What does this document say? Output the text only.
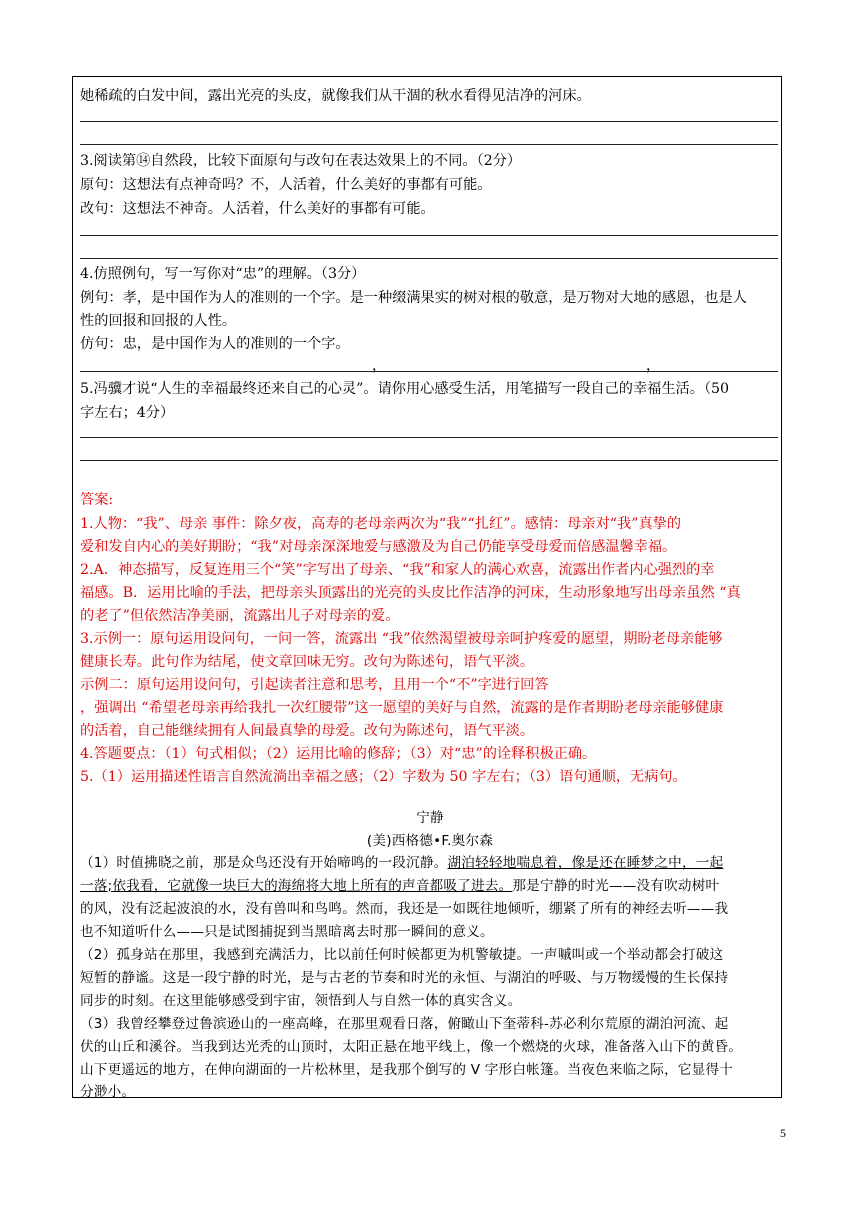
她稀疏的白发中间，露出光亮的头皮，就像我们从干涸的秋水看得见洁净的河床。
3.阅读第⑭自然段，比较下面原句与改句在表达效果上的不同。（2分）
原句：这想法有点神奇吗？不，人活着，什么美好的事都有可能。
改句：这想法不神奇。人活着，什么美好的事都有可能。
4.仿照例句，写一写你对“忠”的理解。（3分）
例句：孝，是中国作为人的准则的一个字。是一种缀满果实的树对根的敬意，是万物对大地的感恩，也是人
性的回报和回报的人性。
仿句：忠，是中国作为人的准则的一个字。
，	，
5.冯骥才说“人生的幸福最终还来自己的心灵”。请你用心感受生活，用笔描写一段自己的幸福生活。（50
字左右；4分）
答案:
1.人物：“我”、母亲 事件：除夕夜，高寿的老母亲两次为“我”“扎红”。感情：母亲对“我”真挚的
爱和发自内心的美好期盼；“我”对母亲深深地爱与感激及为自己仍能享受母爱而倍感温馨幸福。
2.A．神态描写，反复连用三个“笑”字写出了母亲、“我”和家人的满心欢喜，流露出作者内心强烈的幸
福感。B．运用比喻的手法，把母亲头顶露出的光亮的头皮比作洁净的河床，生动形象地写出母亲虽然 “真
的老了”但依然洁净美丽，流露出儿子对母亲的爱。
3.示例一：原句运用设问句，一问一答，流露出 “我”依然渴望被母亲呵护疼爱的愿望，期盼老母亲能够
健康长寿。此句作为结尾，使文章回味无穷。改句为陈述句，语气平淡。
示例二：原句运用设问句，引起读者注意和思考，且用一个“不”字进行回答
，强调出 “希望老母亲再给我扎一次红腰带”这一愿望的美好与自然，流露的是作者期盼老母亲能够健康
的活着，自己能继续拥有人间最真挚的母爱。改句为陈述句，语气平淡。
4.答题要点：（1）句式相似；（2）运用比喻的修辞；（3）对“忠”的诠释积极正确。
5.（1）运用描述性语言自然流淌出幸福之感；（2）字数为 50 字左右；（3）语句通顺，无病句。
宁静
(美)西格德•F.奥尔森
（1）时值拂晓之前，那是众鸟还没有开始啼鸣的一段沉静。湖泊轻轻地喘息着，像是还在睡梦之中，一起
一落;依我看，它就像一块巨大的海绵将大地上所有的声音都吸了进去。那是宁静的时光——没有吹动树叶
的风，没有泛起波浪的水，没有兽叫和鸟鸣。然而，我还是一如既往地倾听，绷紧了所有的神经去听——我
也不知道听什么——只是试图捕捉到当黑暗离去时那一瞬间的意义。
（2）孤身站在那里，我感到充满活力，比以前任何时候都更为机警敏捷。一声嘁叫或一个举动都会打破这
短暂的静谧。这是一段宁静的时光，是与古老的节奏和时光的永恒、与湖泊的呼吸、与万物缓慢的生长保持
同步的时刻。在这里能够感受到宇宙，领悟到人与自然一体的真实含义。
（3）我曾经攀登过鲁滨逊山的一座高峰，在那里观看日落，俯瞰山下奎蒂科-苏必利尔荒原的湖泊河流、起
伏的山丘和溪谷。当我到达光秃的山顶时，太阳正悬在地平线上，像一个燃烧的火球，准备落入山下的黄昏。
山下更遥远的地方，在伸向湖面的一片松林里，是我那个倒写的 V 字形白帐篷。当夜色来临之际，它显得十
分渺小。
5
